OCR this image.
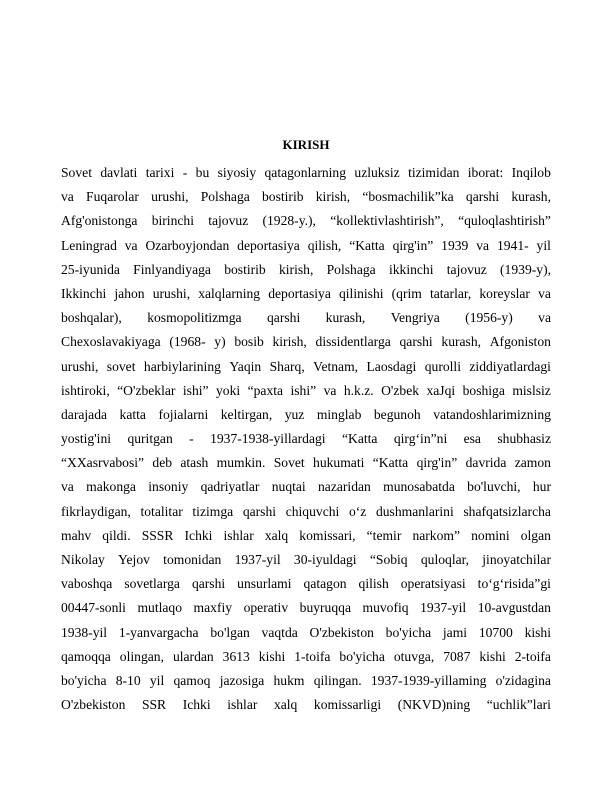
KIRISH
Sovet davlati tarixi - bu siyosiy qatagonlarning uzluksiz tizimidan iborat: Inqilob
va Fuqarolar urushi, Polshaga bostirib kirish, “bosmachilik”ka qarshi kurash,
Afg'onistonga birinchi tajovuz (1928-y.), “kollektivlashtirish”, “quloqlashtirish”
Leningrad va Ozarboyjondan deportasiya qilish, “Katta qirg'in” 1939 va 1941- yil
25-iyunida Finlyandiyaga bostirib kirish, Polshaga ikkinchi tajovuz (1939-y),
Ikkinchi jahon urushi, xalqlarning deportasiya qilinishi (qrim tatarlar, koreyslar va
boshqalar), kosmopolitizmga qarshi kurash, Vengriya (1956-y) va
Chexoslavakiyaga (1968- y) bosib kirish, dissidentlarga qarshi kurash, Afgoniston
urushi, sovet harbiylarining Yaqin Sharq, Vetnam, Laosdagi qurolli ziddiyatlardagi
ishtiroki, “O'zbeklar ishi” yoki “paxta ishi” va h.k.z. O'zbek xaJqi boshiga mislsiz
darajada katta fojialarni keltirgan, yuz minglab begunoh vatandoshlarimizning
yostig'ini quritgan - 1937-1938-yillardagi “Katta qirg‘in”ni esa shubhasiz
“XXasrvabosi” deb atash mumkin. Sovet hukumati “Katta qirg'in” davrida zamon
va makonga insoniy qadriyatlar nuqtai nazaridan munosabatda bo'luvchi, hur
fikrlaydigan, totalitar tizimga qarshi chiquvchi o‘z dushmanlarini shafqatsizlarcha
mahv qildi. SSSR Ichki ishlar xalq komissari, “temir narkom” nomini olgan
Nikolay Yejov tomonidan 1937-yil 30-iyuldagi “Sobiq quloqlar, jinoyatchilar
vaboshqa sovetlarga qarshi unsurlami qatagon qilish operatsiyasi to‘g‘risida”gi
00447-sonli mutlaqo maxfiy operativ buyruqqa muvofiq 1937-yil 10-avgustdan
1938-yil 1-yanvargacha bo'lgan vaqtda O'zbekiston bo'yicha jami 10700 kishi
qamoqqa olingan, ulardan 3613 kishi 1-toifa bo'yicha otuvga, 7087 kishi 2-toifa
bo'yicha 8-10 yil qamoq jazosiga hukm qilingan. 1937-1939-yillaming o'zidagina
O'zbekiston SSR Ichki ishlar xalq komissarligi (NKVD)ning “uchlik”lari
